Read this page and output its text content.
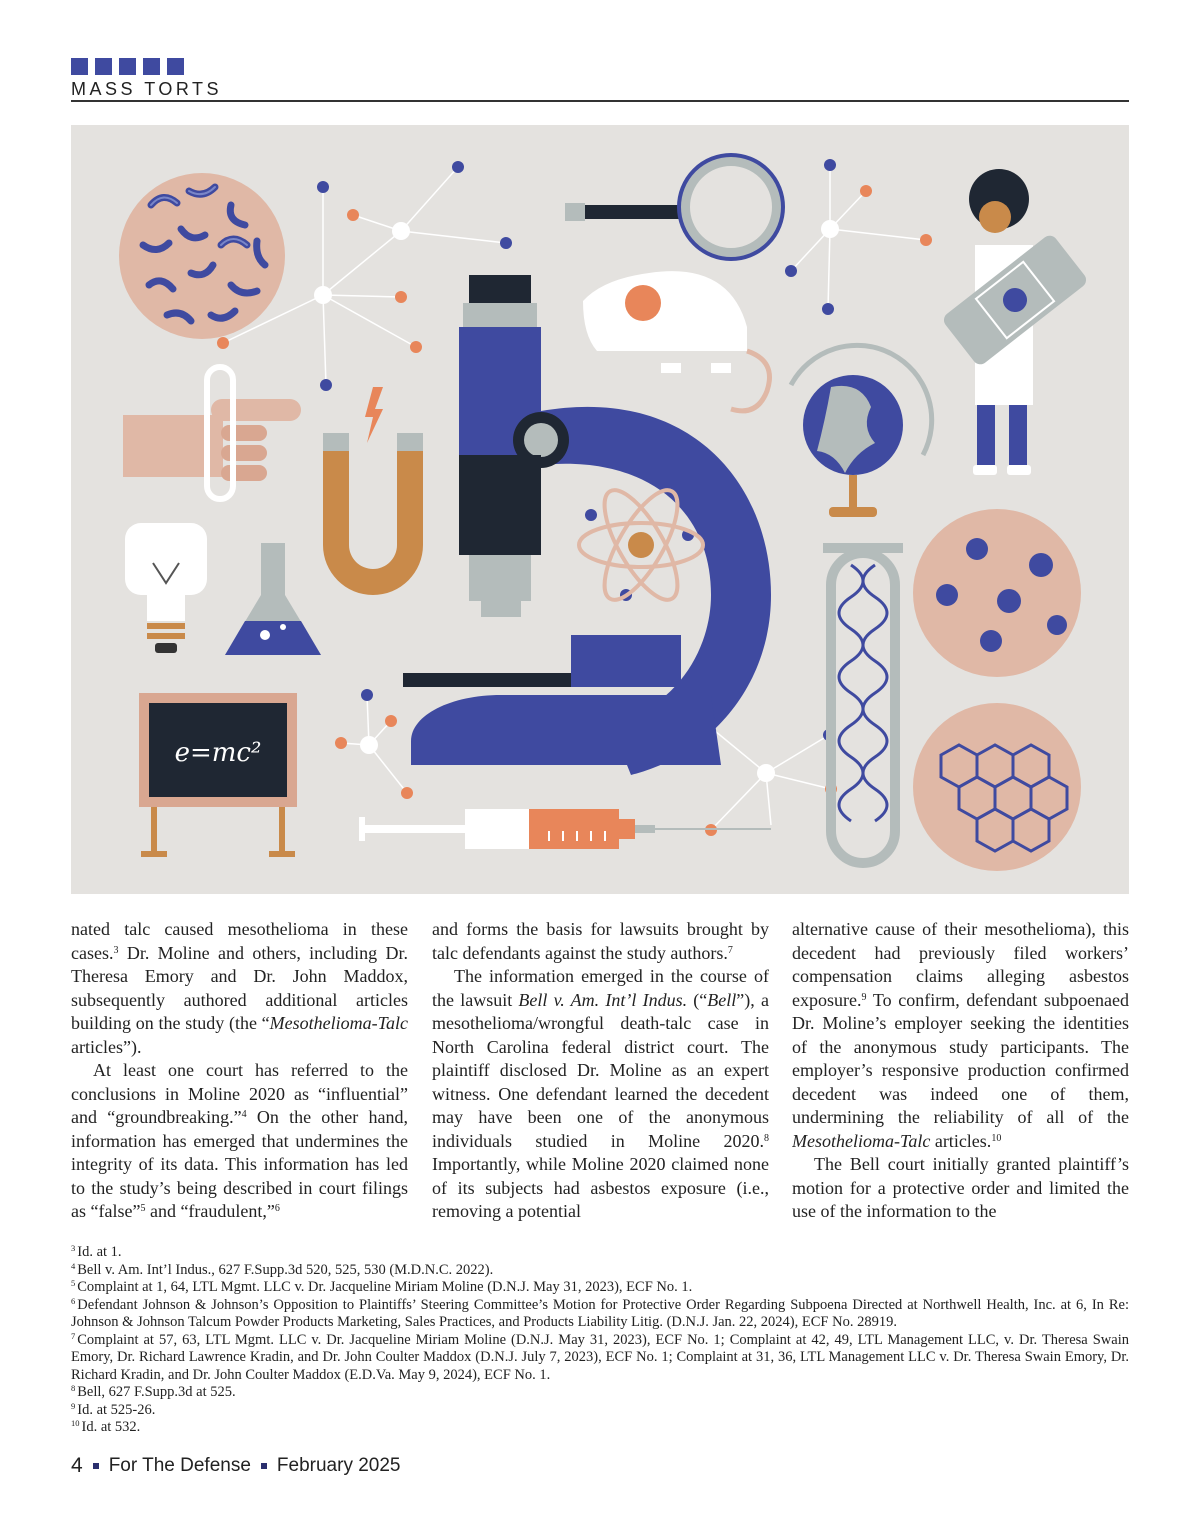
MASS TORTS
e=mc²

nated talc caused mesothelioma in these cases.$^3$ Dr. Moline and others, including Dr. Theresa Emory and Dr. John Maddox, subsequently authored additional articles building on the study (the “Mesothelioma-Talc articles”).

At least one court has referred to the conclusions in Moline 2020 as “influential” and “groundbreaking.”$^4$ On the other hand, information has emerged that undermines the integrity of its data. This information has led to the study’s being described in court filings as “false”$^5$ and “fraudulent,”$^6$

and forms the basis for lawsuits brought by talc defendants against the study authors.$^7$

The information emerged in the course of the lawsuit Bell v. Am. Int’l Indus. (“Bell”), a mesothelioma/wrongful death-talc case in North Carolina federal district court. The plaintiff disclosed Dr. Moline as an expert witness. One defendant learned the decedent may have been one of the anonymous individuals studied in Moline 2020.$^8$ Importantly, while Moline 2020 claimed none of its subjects had asbestos exposure (i.e., removing a potential

alternative cause of their mesothelioma), this decedent had previously filed workers’ compensation claims alleging asbestos exposure.$^9$ To confirm, defendant subpoenaed Dr. Moline’s employer seeking the identities of the anonymous study participants. The employer’s responsive production confirmed decedent was indeed one of them, undermining the reliability of all of the Mesothelioma-Talc articles.$^{10}$

The Bell court initially granted plaintiff’s motion for a protective order and limited the use of the information to the

$^3$ Id. at 1.

$^4$ Bell v. Am. Int’l Indus., 627 F.Supp.3d 520, 525, 530 (M.D.N.C. 2022).

$^5$ Complaint at 1, 64, LTL Mgmt. LLC v. Dr. Jacqueline Miriam Moline (D.N.J. May 31, 2023), ECF No. 1.

$^6$ Defendant Johnson & Johnson’s Opposition to Plaintiffs’ Steering Committee’s Motion for Protective Order Regarding Subpoena Directed at Northwell Health, Inc. at 6, In Re: Johnson & Johnson Talcum Powder Products Marketing, Sales Practices, and Products Liability Litig. (D.N.J. Jan. 22, 2024), ECF No. 28919.

$^7$ Complaint at 57, 63, LTL Mgmt. LLC v. Dr. Jacqueline Miriam Moline (D.N.J. May 31, 2023), ECF No. 1; Complaint at 42, 49, LTL Management LLC, v. Dr. Theresa Swain Emory, Dr. Richard Lawrence Kradin, and Dr. John Coulter Maddox (D.N.J. July 7, 2023), ECF No. 1; Complaint at 31, 36, LTL Management LLC v. Dr. Theresa Swain Emory, Dr. Richard Kradin, and Dr. John Coulter Maddox (E.D.Va. May 9, 2024), ECF No. 1.

$^8$ Bell, 627 F.Supp.3d at 525.

$^9$ Id. at 525-26.

$^{10}$ Id. at 532.

4 For The Defense February 2025
